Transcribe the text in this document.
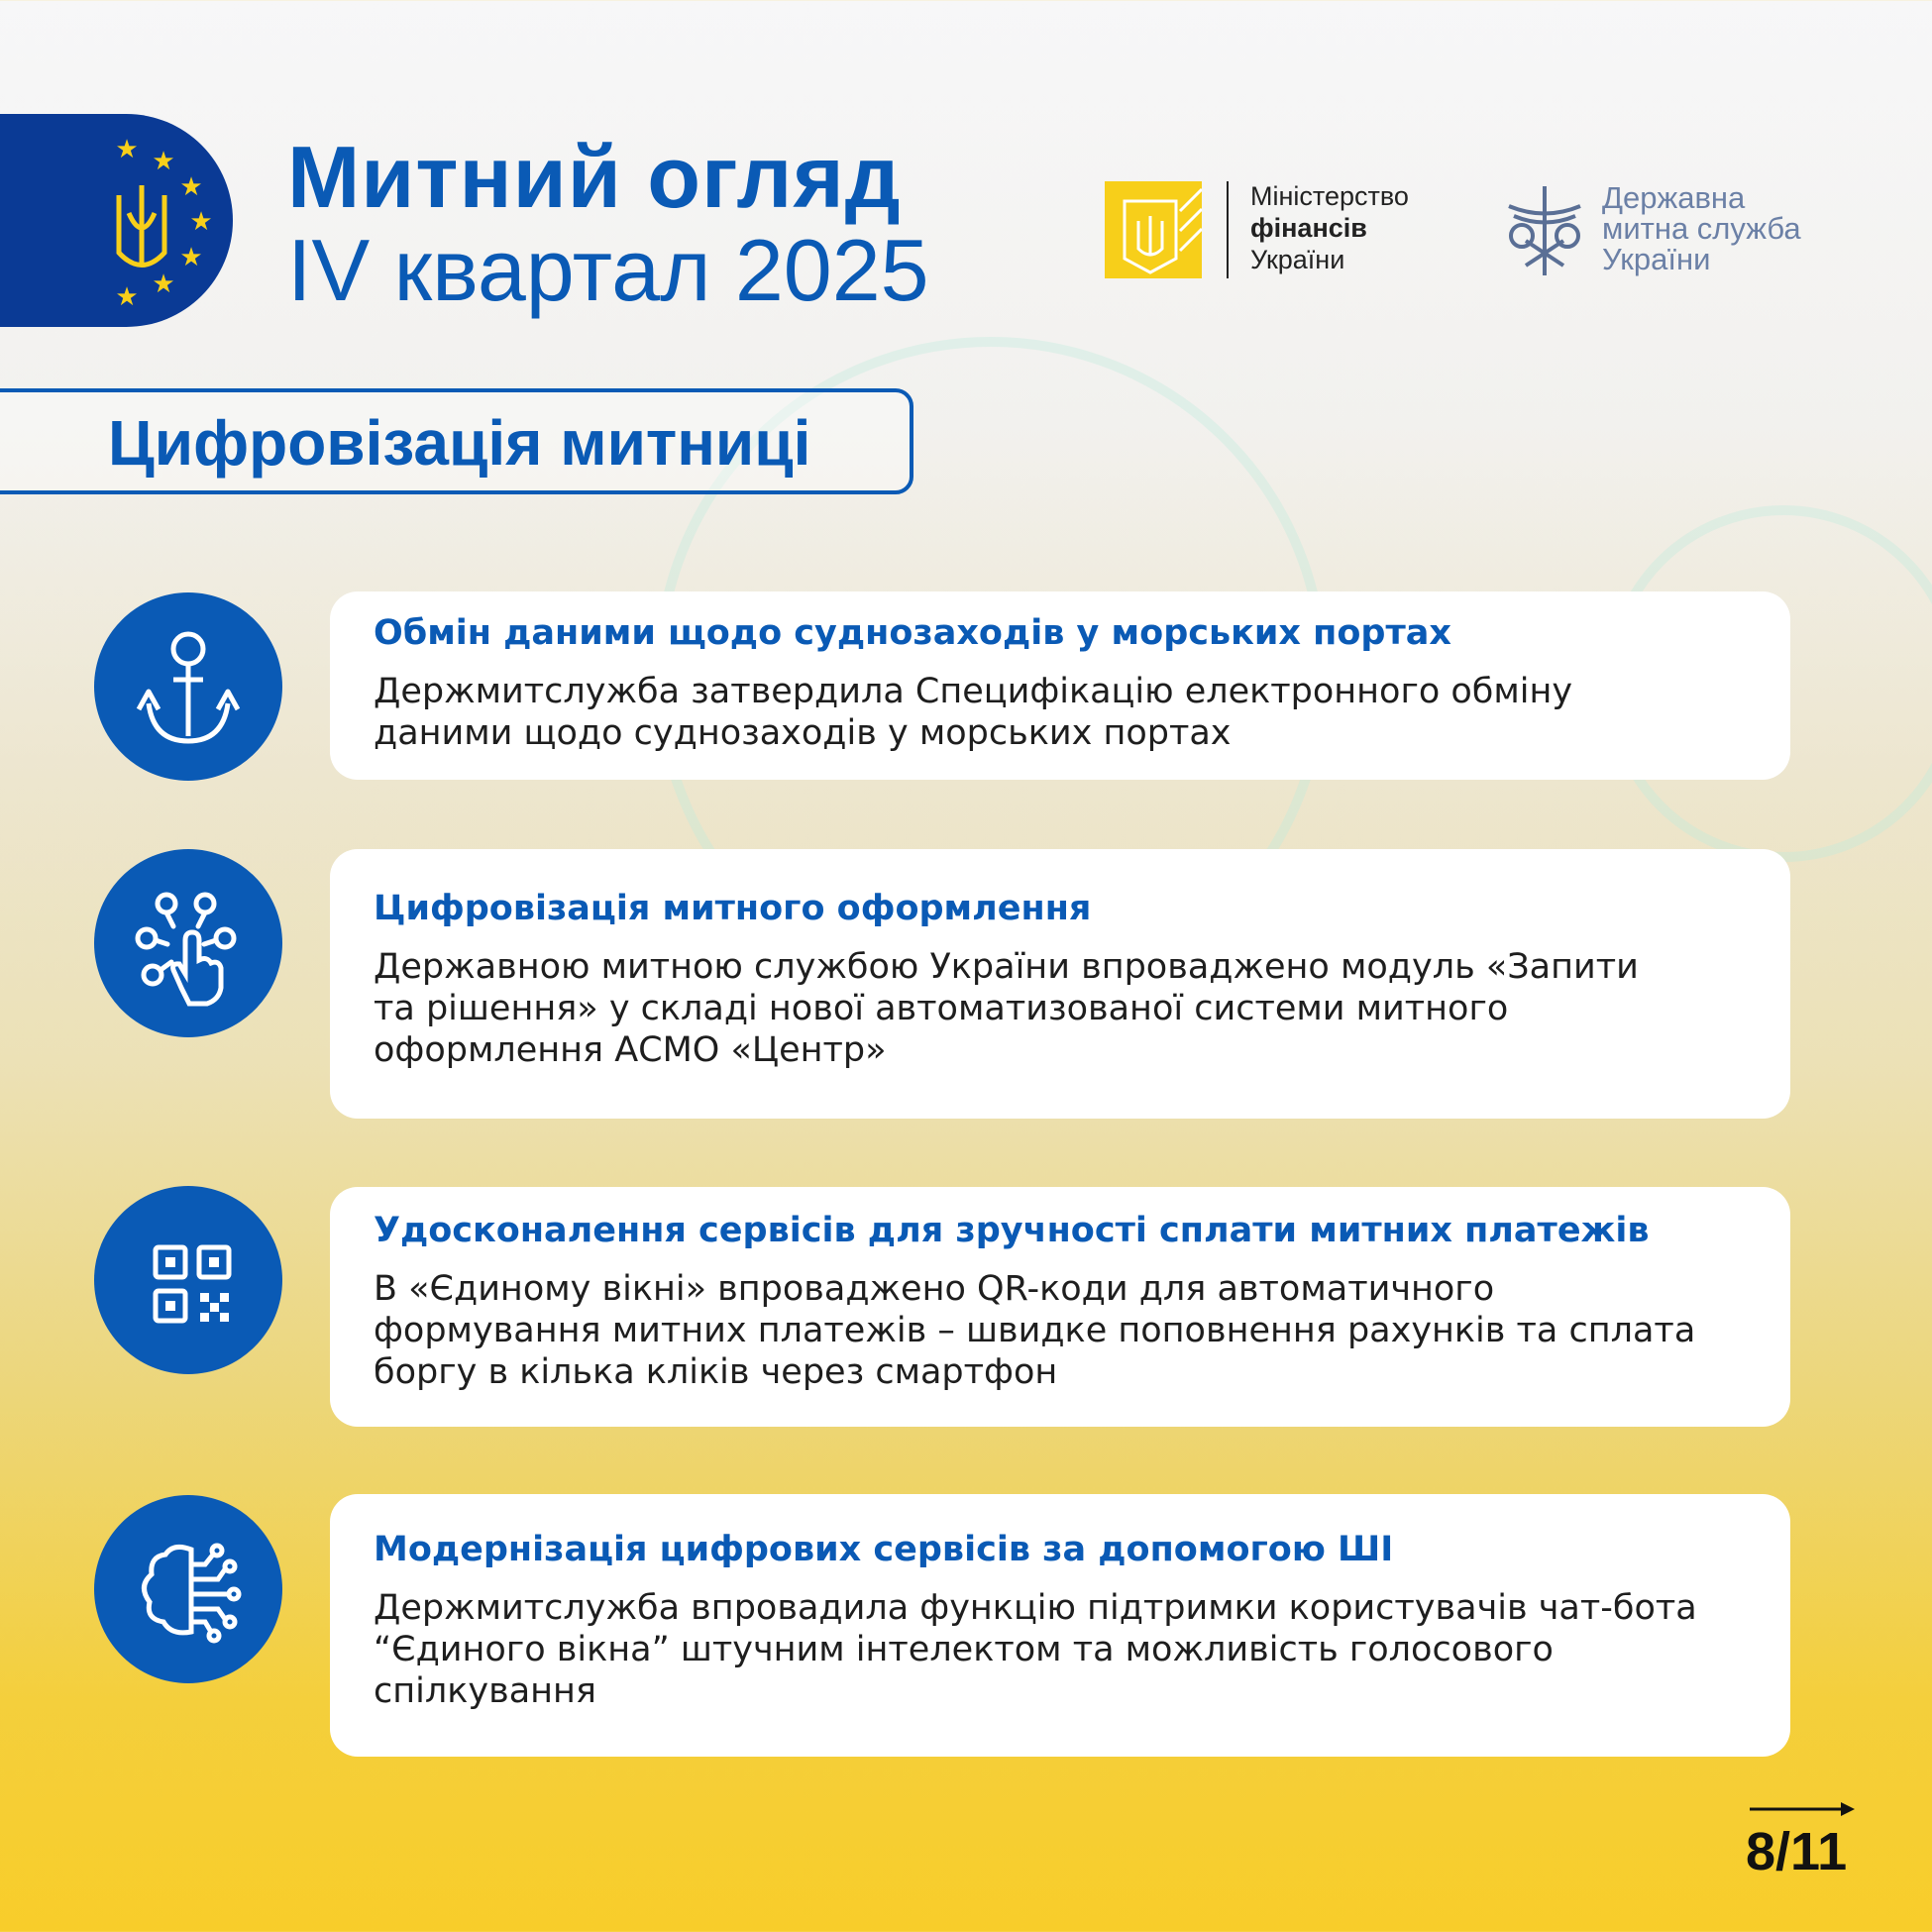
★ ★
★
★
★
★
★
Митний огляд
IV квартал 2025
Міністерство
фінансів
України
Державна
митна служба
України
Цифровізація митниці
Обмін даними щодо суднозаходів у морських портах

Держмитслужба затвердила Специфікацію електронного обміну
даними щодо суднозаходів у морських портах

Цифровізація митного оформлення

Державною митною службою України впроваджено модуль «Запити
та рішення» у складі нової автоматизованої системи митного
оформлення АСМО «Центр»

Удосконалення сервісів для зручності сплати митних платежів

В «Єдиному вікні» впроваджено QR-коди для автоматичного
формування митних платежів – швидке поповнення рахунків та сплата
боргу в кілька кліків через смартфон

Модернізація цифрових сервісів за допомогою ШІ

Держмитслужба впровадила функцію підтримки користувачів чат-бота
“Єдиного вікна” штучним інтелектом та можливість голосового
спілкування

8/11
